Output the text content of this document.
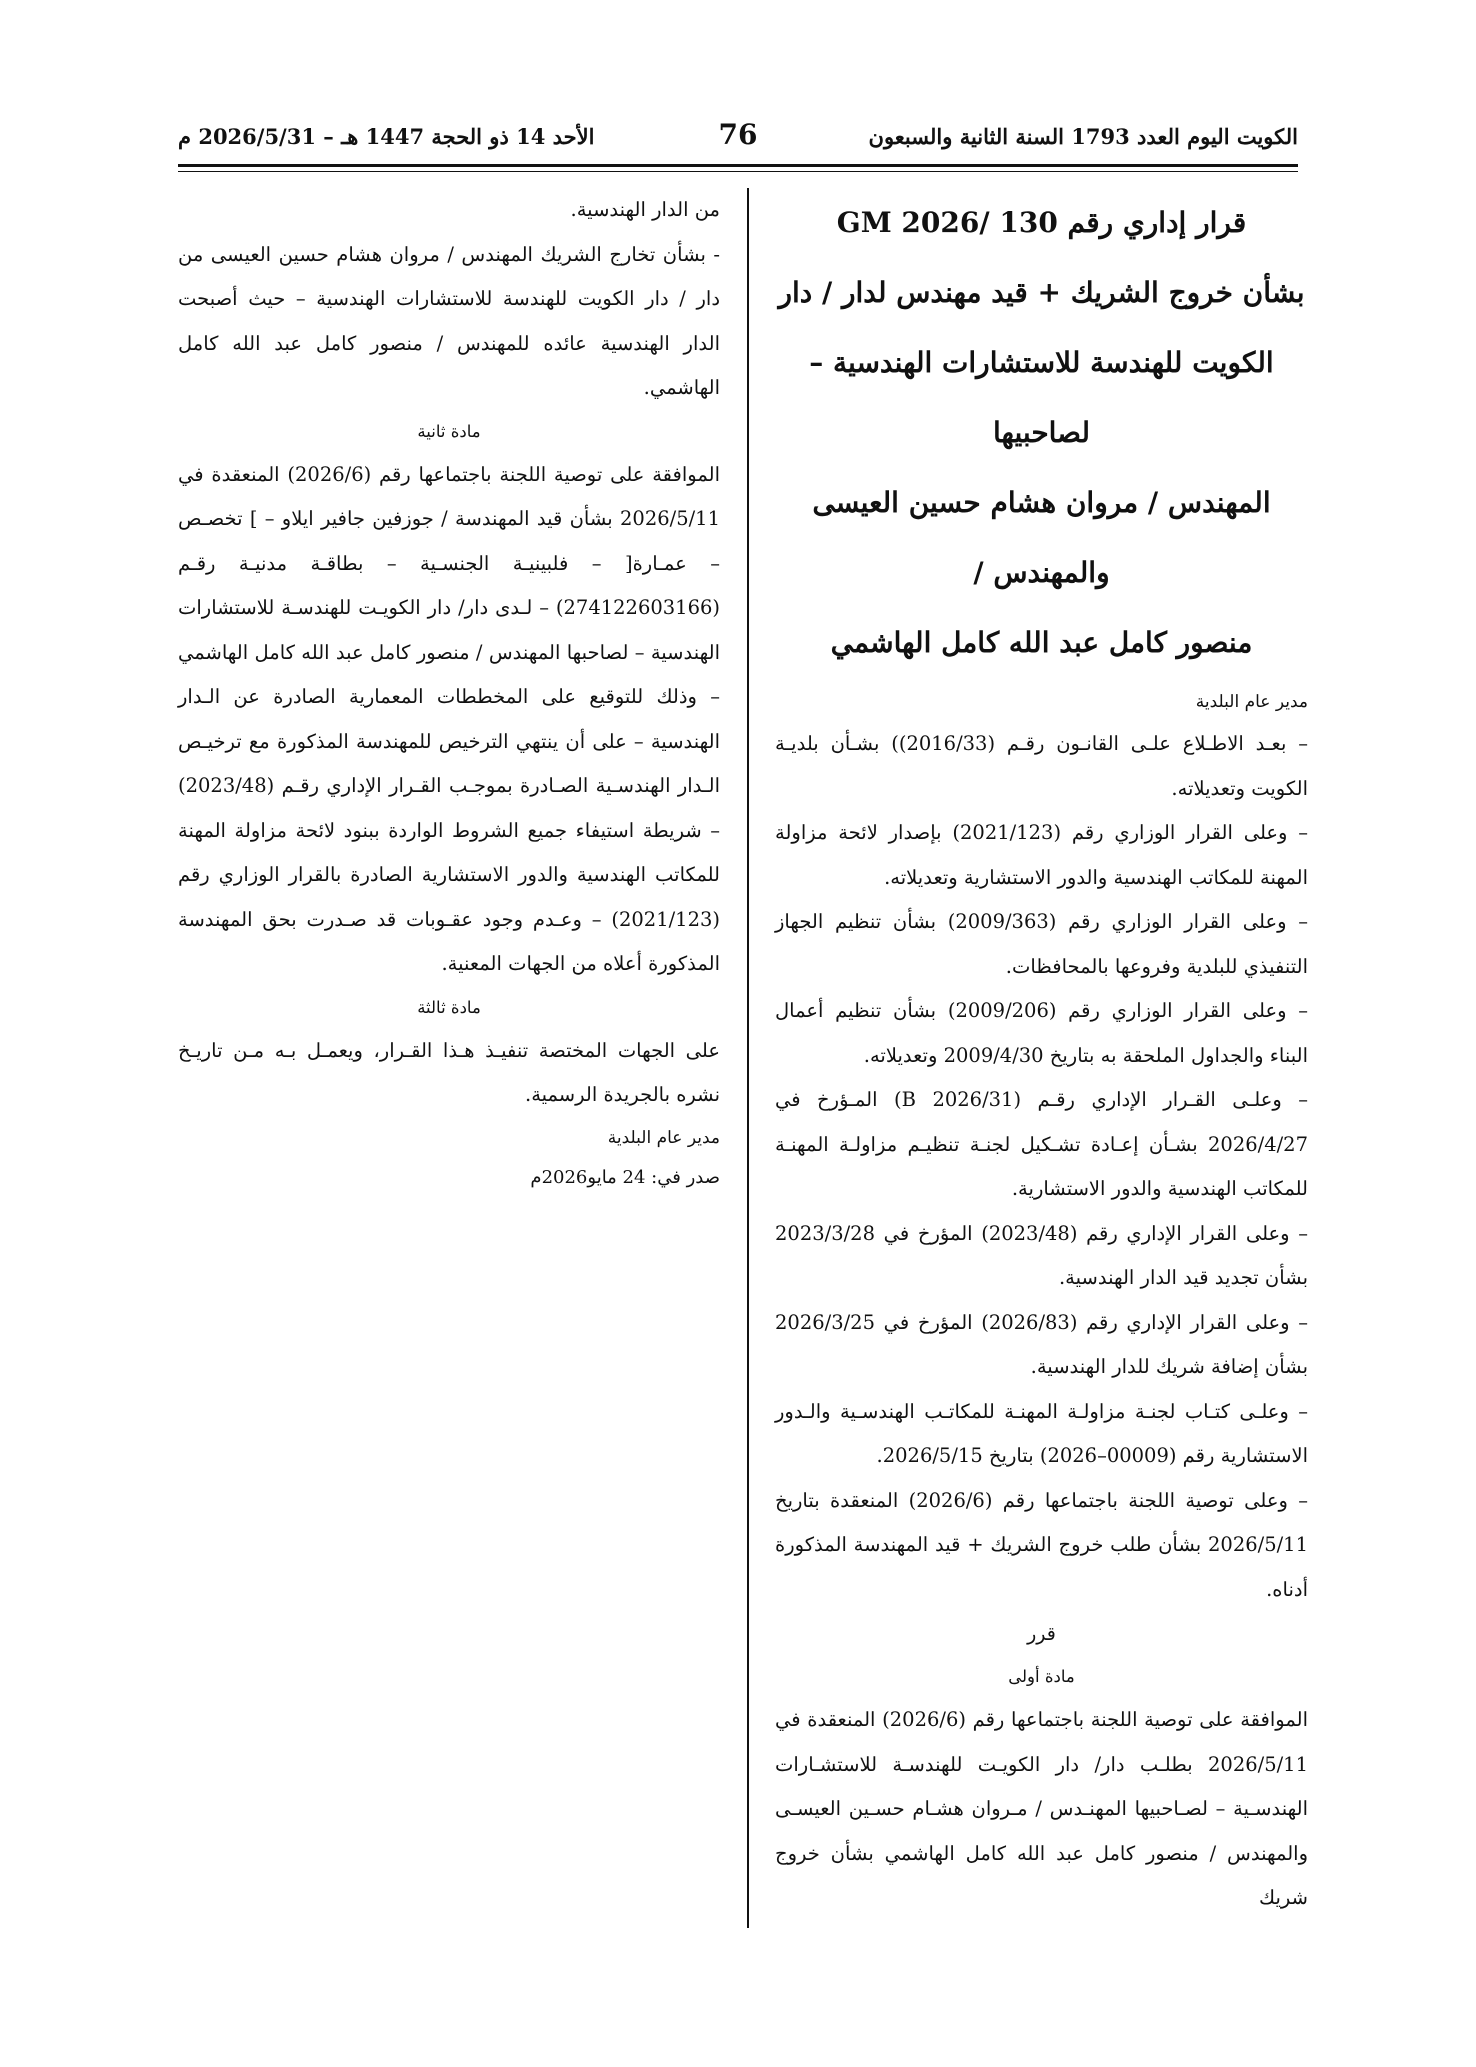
الكويت اليوم العدد 1793 السنة الثانية والسبعون
76
الأحد 14 ذو الحجة 1447 هـ – 2026/5/31 م
قرار إداري رقم 130 /GM 2026
بشأن خروج الشريك + قيد مهندس لدار / دار
الكويت للهندسة للاستشارات الهندسية – لصاحبيها
المهندس / مروان هشام حسين العيسى والمهندس /
منصور كامل عبد الله كامل الهاشمي

مدير عام البلدية

– بعـد الاطـلاع علـى القانـون رقـم (2016/33)) بشـأن بلديـة الكويت وتعديلاته.

– وعلى القرار الوزاري رقم (2021/123) بإصدار لائحة مزاولة المهنة للمكاتب الهندسية والدور الاستشارية وتعديلاته.

– وعلى القرار الوزاري رقم (2009/363) بشأن تنظيم الجهاز التنفيذي للبلدية وفروعها بالمحافظات.

– وعلى القرار الوزاري رقم (2009/206) بشأن تنظيم أعمال البناء والجداول الملحقة به بتاريخ 2009/4/30 وتعديلاته.

– وعلـى القـرار الإداري رقـم (2026/31 B) المـؤرخ في 2026/4/27 بشـأن إعـادة تشـكيل لجنـة تنظيـم مزاولـة المهنـة للمكاتب الهندسية والدور الاستشارية.

– وعلى القرار الإداري رقم (2023/48) المؤرخ في 2023/3/28 بشأن تجديد قيد الدار الهندسية.

– وعلى القرار الإداري رقم (2026/83) المؤرخ في 2026/3/25 بشأن إضافة شريك للدار الهندسية.

– وعلـى كتـاب لجنـة مزاولـة المهنـة للمكاتـب الهندسـية والـدور الاستشارية رقم (00009–2026) بتاريخ 2026/5/15.

– وعلى توصية اللجنة باجتماعها رقم (2026/6) المنعقدة بتاريخ 2026/5/11 بشأن طلب خروج الشريك + قيد المهندسة المذكورة أدناه.

قرر

مادة أولى

الموافقة على توصية اللجنة باجتماعها رقم (2026/6) المنعقدة في 2026/5/11 بطلـب دار/ دار الكويـت للهندسـة للاستشـارات الهندسـية – لصـاحبيها المهنـدس / مـروان هشـام حسـين العيسـى والمهندس / منصور كامل عبد الله كامل الهاشمي بشأن خروج شريك

من الدار الهندسية.

- بشأن تخارج الشريك المهندس / مروان هشام حسين العيسى من دار / دار الكويت للهندسة للاستشارات الهندسية – حيث أصبحت الدار الهندسية عائده للمهندس / منصور كامل عبد الله كامل الهاشمي.

مادة ثانية

الموافقة على توصية اللجنة باجتماعها رقم (2026/6) المنعقدة في 2026/5/11 بشأن قيد المهندسة / جوزفين جافير ايلاو – ] تخصـص – عمـارة[ – فلبينيـة الجنسـية – بطاقـة مدنيـة رقـم (274122603166) – لـدى دار/ دار الكويـت للهندسـة للاستشارات الهندسية – لصاحبها المهندس / منصور كامل عبد الله كامل الهاشمي – وذلك للتوقيع على المخططات المعمارية الصادرة عن الـدار الهندسية – على أن ينتهي الترخيص للمهندسة المذكورة مع ترخيـص الـدار الهندسـية الصـادرة بموجـب القـرار الإداري رقـم (2023/48) – شريطة استيفاء جميع الشروط الواردة ببنود لائحة مزاولة المهنة للمكاتب الهندسية والدور الاستشارية الصادرة بالقرار الوزاري رقم (2021/123) – وعـدم وجود عقـوبات قد صـدرت بحق المهندسة المذكورة أعلاه من الجهات المعنية.

مادة ثالثة

على الجهات المختصة تنفيـذ هـذا القـرار، ويعمـل بـه مـن تاريـخ نشره بالجريدة الرسمية.

مدير عام البلدية

صدر في: 24 مايو2026م
